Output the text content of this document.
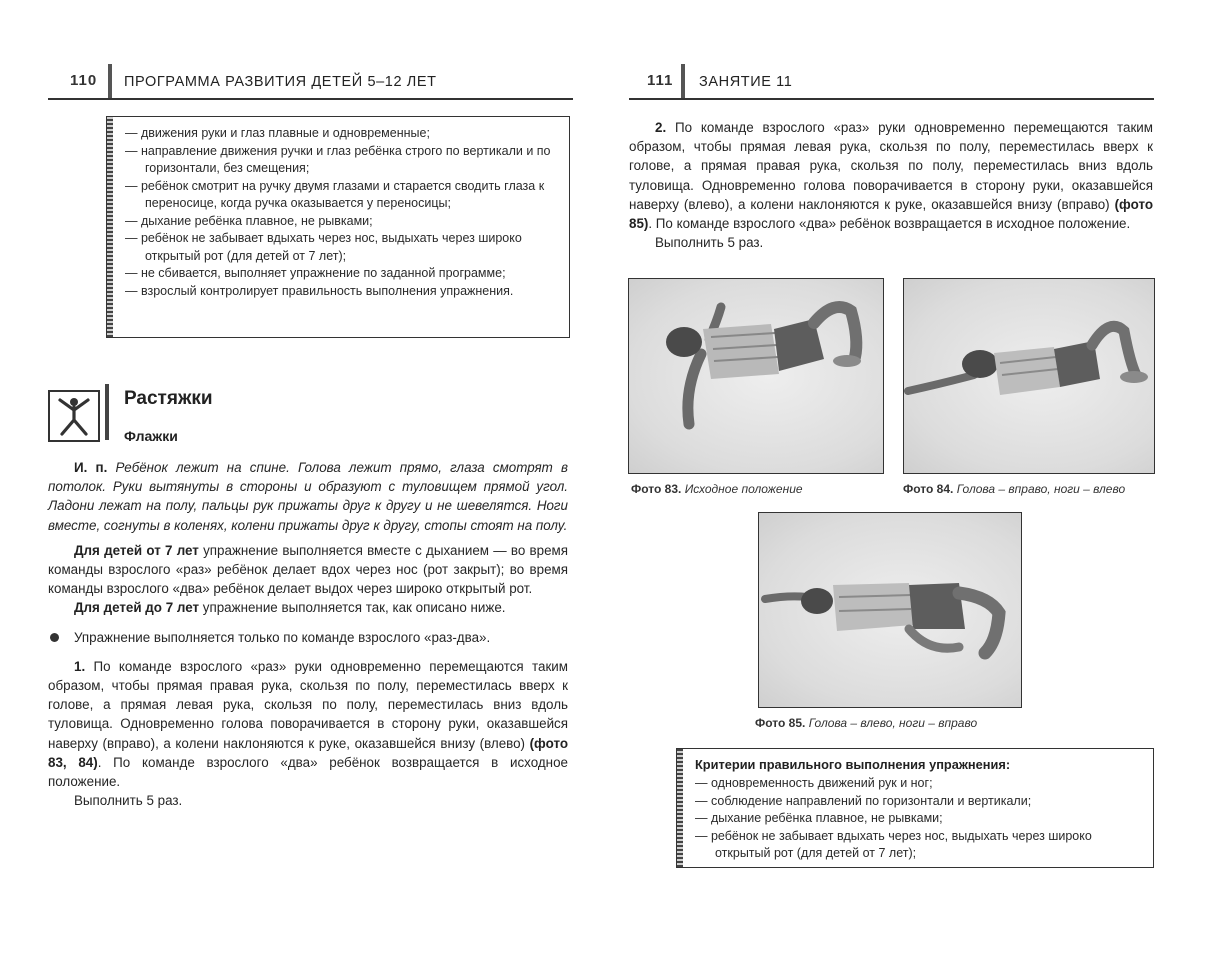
110 ПРОГРАММА РАЗВИТИЯ ДЕТЕЙ 5–12 ЛЕТ
— движения руки и глаз плавные и одновременные;
— направление движения ручки и глаз ребёнка строго по вертикали и по горизонтали, без смещения;
— ребёнок смотрит на ручку двумя глазами и старается сводить глаза к переносице, когда ручка оказывается у переносицы;
— дыхание ребёнка плавное, не рывками;
— ребёнок не забывает вдыхать через нос, выдыхать через широко открытый рот (для детей от 7 лет);
— не сбивается, выполняет упражнение по заданной программе;
— взрослый контролирует правильность выполнения упражнения.
Растяжки
Флажки

И. п. Ребёнок лежит на спине. Голова лежит прямо, глаза смотрят в потолок. Руки вытянуты в стороны и образуют с туловищем прямой угол. Ладони лежат на полу, пальцы рук прижаты друг к другу и не шевелятся. Ноги вместе, согнуты в коленях, колени прижаты друг к другу, стопы стоят на полу.

Для детей от 7 лет упражнение выполняется вместе с дыханием — во время команды взрослого «раз» ребёнок делает вдох через нос (рот закрыт); во время команды взрослого «два» ребёнок делает выдох через широко открытый рот.

Для детей до 7 лет упражнение выполняется так, как описано ниже.

Упражнение выполняется только по команде взрослого «раз-два».

1. По команде взрослого «раз» руки одновременно перемещаются таким образом, чтобы прямая правая рука, скользя по полу, переместилась вверх к голове, а прямая левая рука, скользя по полу, переместилась вниз вдоль туловища. Одновременно голова поворачивается в сторону руки, оказавшейся наверху (вправо), а колени наклоняются к руке, оказавшейся внизу (влево) (фото 83, 84). По команде взрослого «два» ребёнок возвращается в исходное положение.

Выполнить 5 раз.

111 ЗАНЯТИЕ 11

2. По команде взрослого «раз» руки одновременно перемещаются таким образом, чтобы прямая левая рука, скользя по полу, переместилась вверх к голове, а прямая правая рука, скользя по полу, переместилась вниз вдоль туловища. Одновременно голова поворачивается в сторону руки, оказавшейся наверху (влево), а колени наклоняются к руке, оказавшейся внизу (вправо) (фото 85). По команде взрослого «два» ребёнок возвращается в исходное положение.

Выполнить 5 раз.

Фото 83. Исходное положение	Фото 84. Голова – вправо, ноги – влево
Фото 85. Голова – влево, ноги – вправо
Критерии правильного выполнения упражнения:
— одновременность движений рук и ног;
— соблюдение направлений по горизонтали и вертикали;
— дыхание ребёнка плавное, не рывками;
— ребёнок не забывает вдыхать через нос, выдыхать через широко открытый рот (для детей от 7 лет);
